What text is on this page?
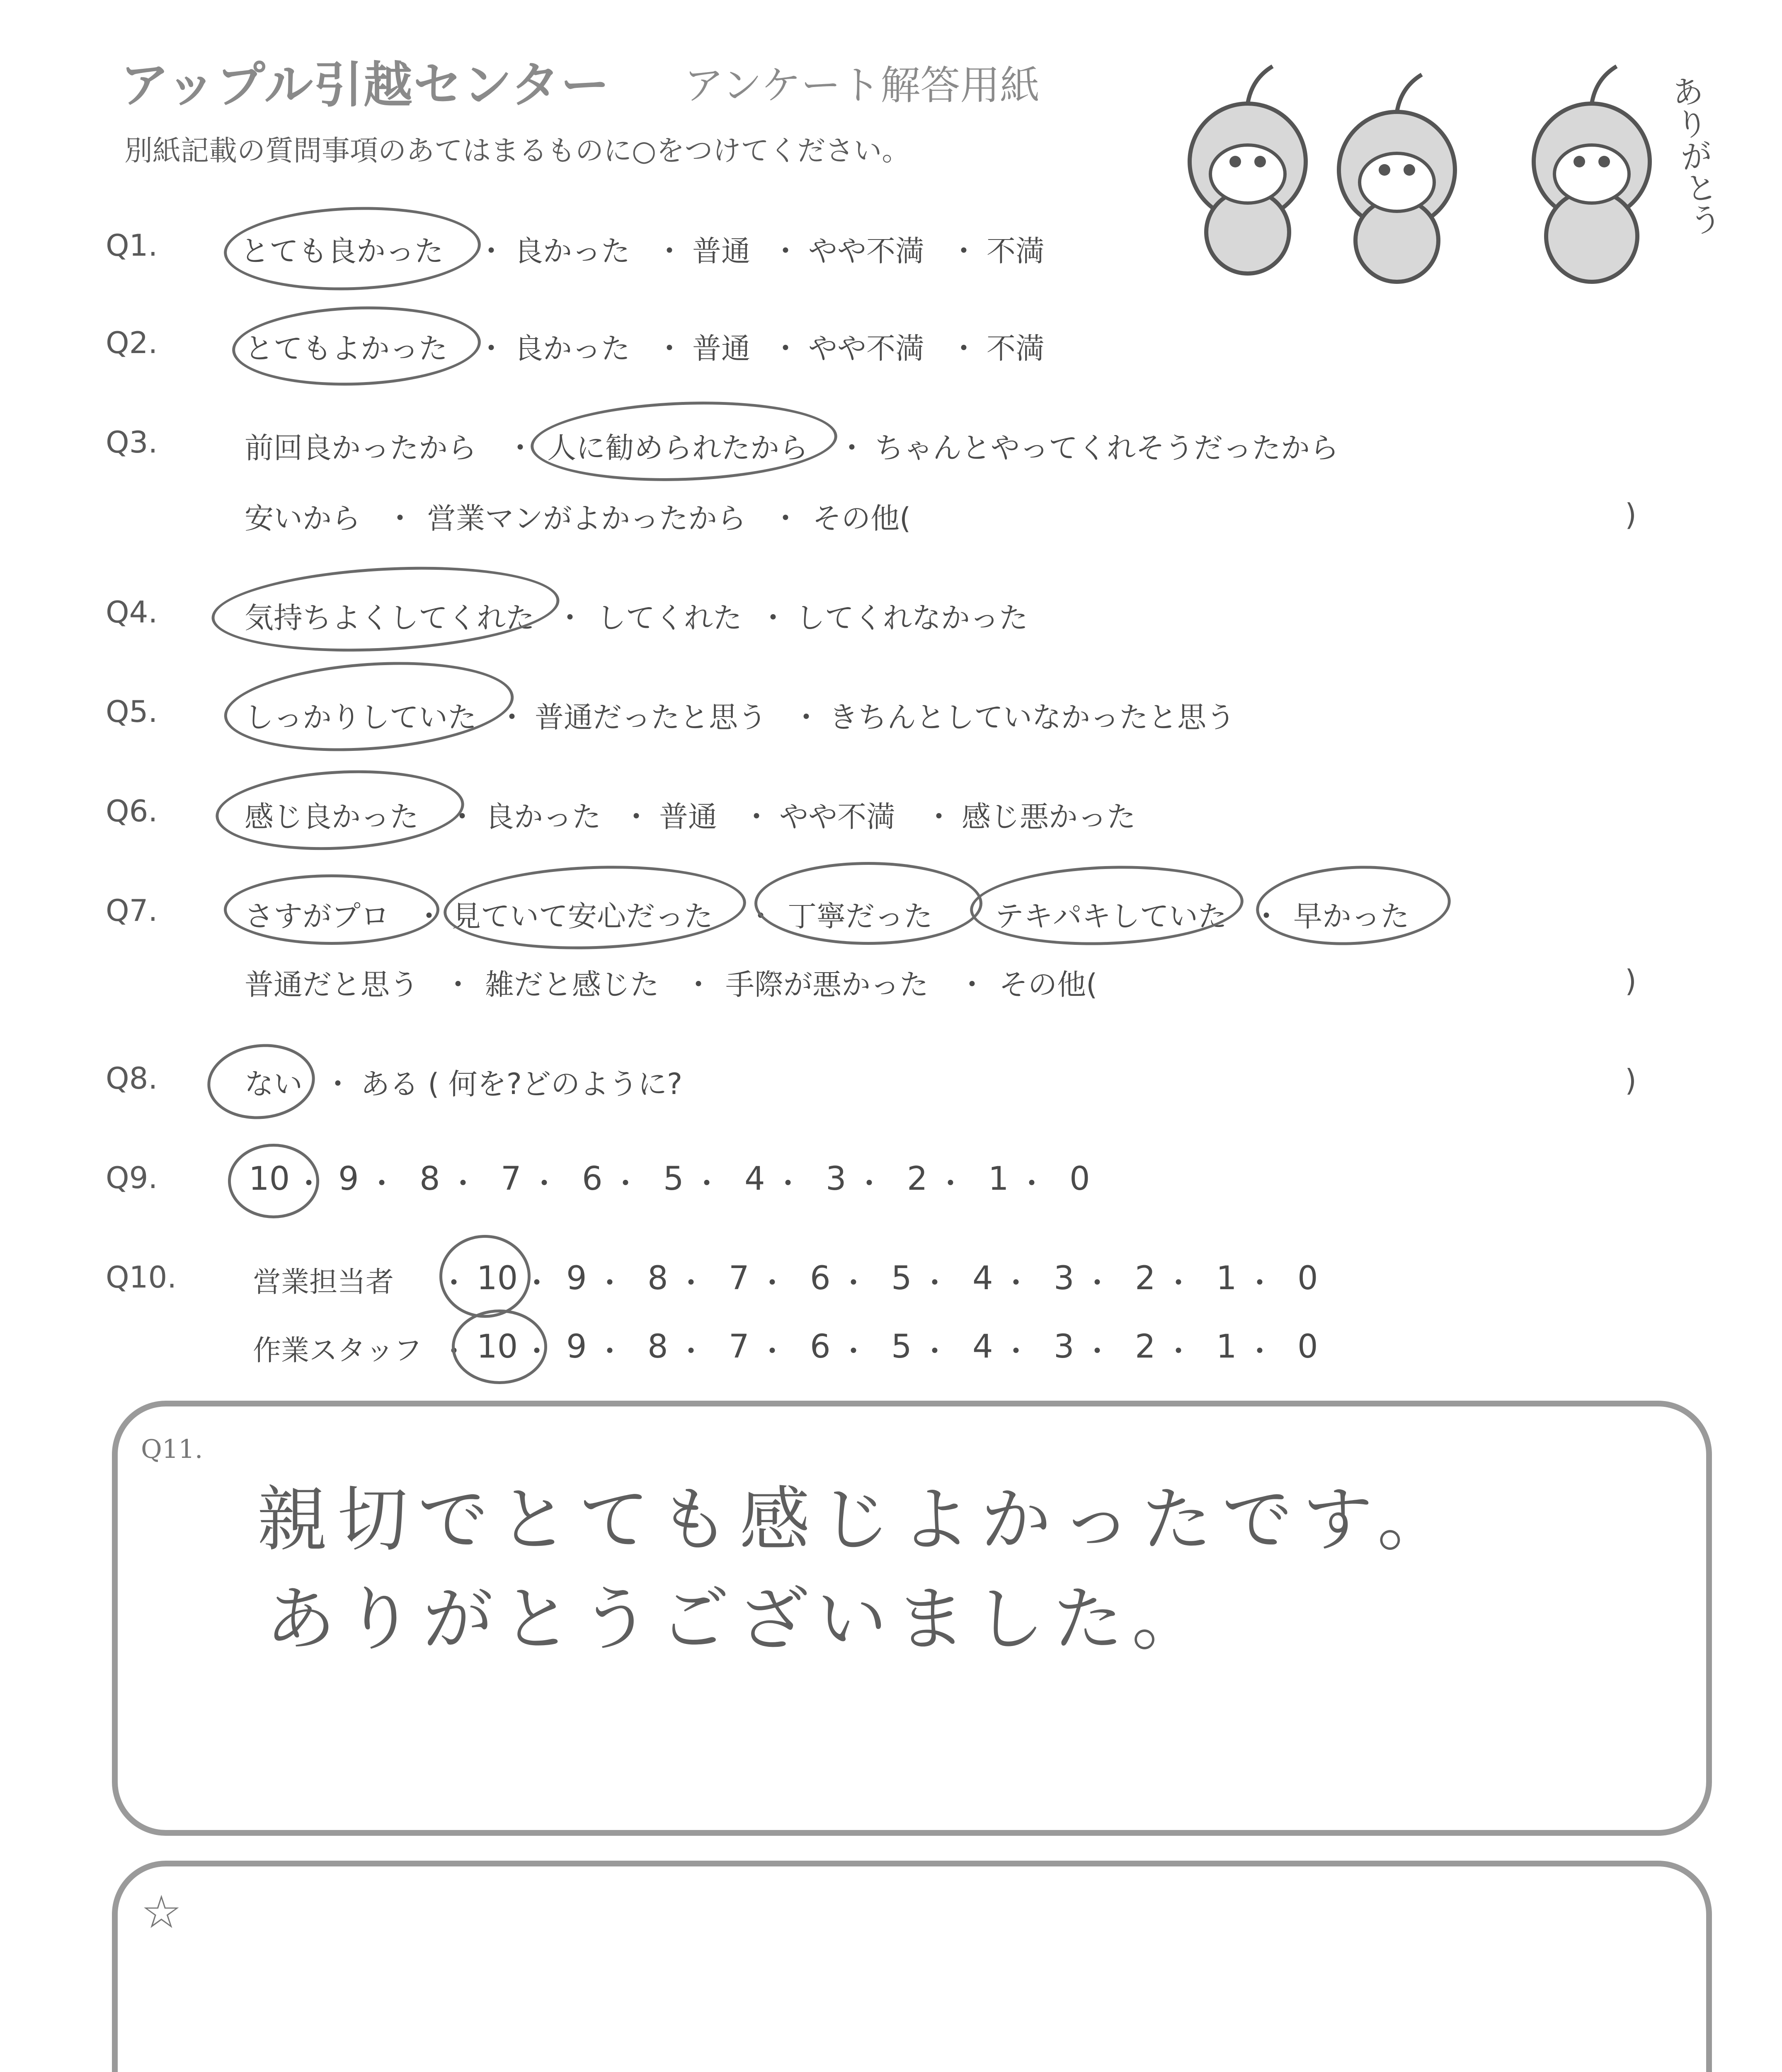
アップル引越センター アンケート解答用紙
別紙記載の質問事項のあてはまるものに○をつけてください。	ありがとう
Q1.	とても良かった ・ 良かった ・ 普通 ・ やや不満 ・ 不満
Q2.	とてもよかった ・ 良かった ・ 普通 ・ やや不満 ・ 不満
Q3.	前回良かったから ・ 人に勧められたから ・ ちゃんとやってくれそうだったから
安いから ・ 営業マンがよかったから ・ その他(	)
Q4.	気持ちよくしてくれた ・ してくれた ・ してくれなかった
Q5.	しっかりしていた ・ 普通だったと思う ・ きちんとしていなかったと思う
Q6.	感じ良かった ・ 良かった ・ 普通 ・ やや不満 ・ 感じ悪かった
Q7.	さすがプロ ・ 見ていて安心だった ・ 丁寧だった テキパキしていた ・ 早かった
普通だと思う ・ 雑だと感じた ・ 手際が悪かった ・ その他(	)
Q8.	ない ・ ある ( 何を?どのように?	)
Q9.	10 ・ 9 ・ 8 ・ 7 ・ 6 ・ 5 ・ 4 ・ 3 ・ 2 ・ 1 ・ 0
Q10.	営業担当者 ・ 10 ・ 9 ・ 8 ・ 7 ・ 6 ・ 5 ・ 4 ・ 3 ・ 2 ・ 1 ・ 0
作業スタッフ ・ 10 ・ 9 ・ 8 ・ 7 ・ 6 ・ 5 ・ 4 ・ 3 ・ 2 ・ 1 ・ 0
Q11.
親切でとても感じよかったです。
ありがとうございました。
☆
